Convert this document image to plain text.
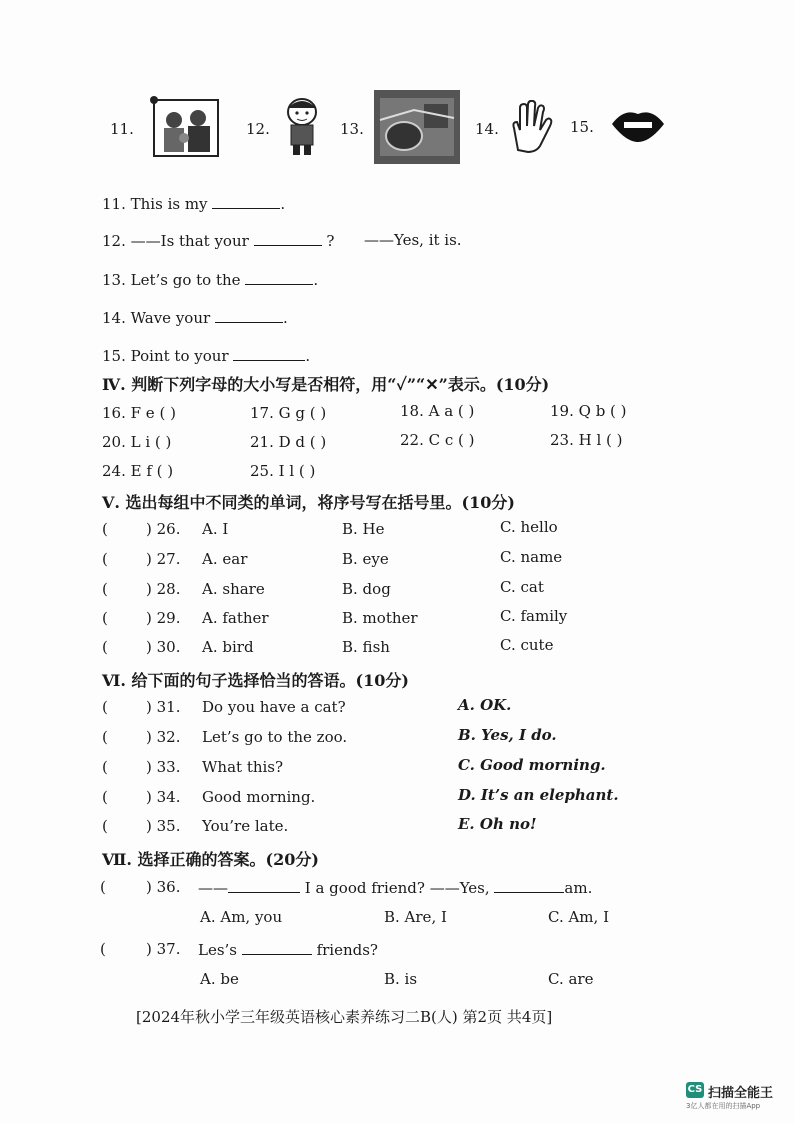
11.	12.	13.	14.	15.
11. This is my	.
12. ——Is that your	? ——Yes, it is.
13. Let’s go to the	.
14. Wave your	.
15. Point to your	.
Ⅳ. 判断下列字母的大小写是否相符，用“✓”“✕”表示。(10分)
16. F e ( )	17. G g ( )	18. A a ( )	19. Q b ( )
20. L i ( )	21. D d ( )	22. C c ( )	23. H l ( )
24. E f ( )	25. I l ( )
Ⅴ. 选出每组中不同类的单词，将序号写在括号里。(10分)
(	) 26. A. I	B. He	C. hello
(	) 27. A. ear	B. eye	C. name
(	) 28. A. share	B. dog	C. cat
(	) 29. A. father	B. mother	C. family
(	) 30. A. bird	B. fish	C. cute
Ⅵ. 给下面的句子选择恰当的答语。(10分)
(	) 31. Do you have a cat?	A. OK.
(	) 32. Let’s go to the zoo.	B. Yes, I do.
(	) 33. What this?	C. Good morning.
(	) 34. Good morning.	D. It’s an elephant.
(	) 35. You’re late.	E. Oh no!
Ⅶ. 选择正确的答案。(20分)
(	) 36. ——	I a good friend? ——Yes,	am.
A. Am, you	B. Are, I	C. Am, I
(	) 37. Les’s	friends?
A. be	B. is	C. are
[2024年秋小学三年级英语核心素养练习二B(人) 第2页 共4页]
CS 扫描全能王
3亿人都在用的扫描App
